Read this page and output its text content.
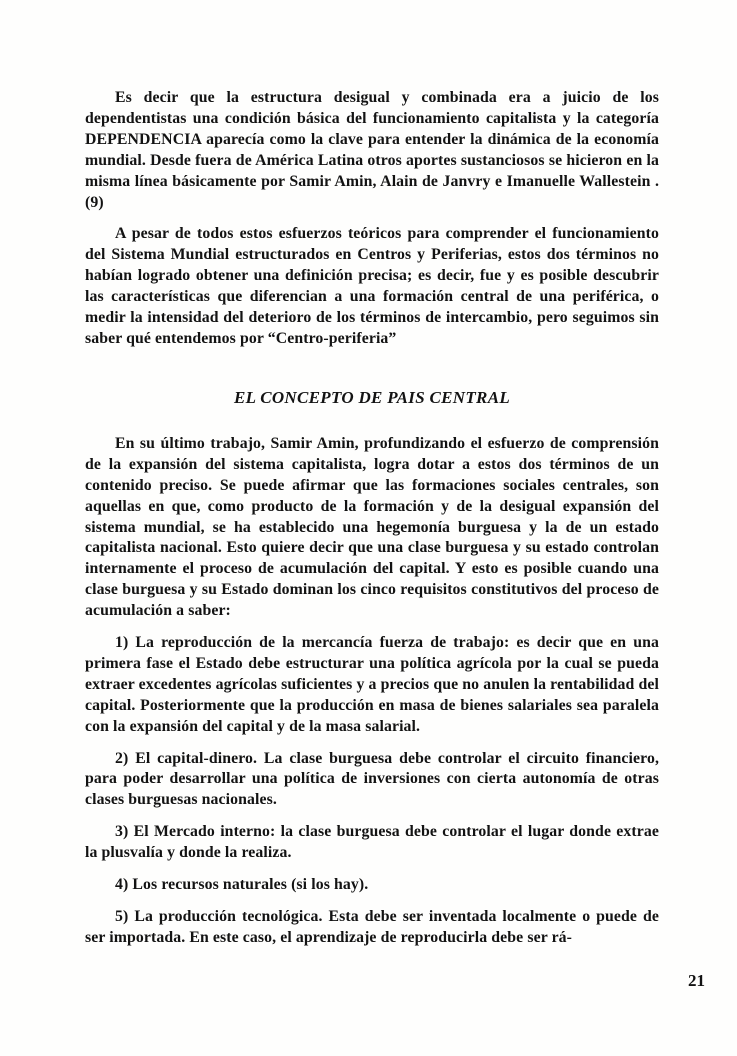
Es decir que la estructura desigual y combinada era a juicio de los dependentistas una condición básica del funcionamiento capitalista y la categoría DEPENDENCIA aparecía como la clave para entender la dinámica de la economía mundial. Desde fuera de América Latina otros aportes sustanciosos se hicieron en la misma línea básicamente por Samir Amin, Alain de Janvry e Imanuelle Wallestein .(9)

A pesar de todos estos esfuerzos teóricos para comprender el funcionamiento del Sistema Mundial estructurados en Centros y Periferias, estos dos términos no habían logrado obtener una definición precisa; es decir, fue y es posible descubrir las características que diferencian a una formación central de una periférica, o medir la intensidad del deterioro de los términos de intercambio, pero seguimos sin saber qué entendemos por “Centro-periferia”

EL CONCEPTO DE PAIS CENTRAL

En su último trabajo, Samir Amin, profundizando el esfuerzo de comprensión de la expansión del sistema capitalista, logra dotar a estos dos términos de un contenido preciso. Se puede afirmar que las formaciones sociales centrales, son aquellas en que, como producto de la formación y de la desigual expansión del sistema mundial, se ha establecido una hegemonía burguesa y la de un estado capitalista nacional. Esto quiere decir que una clase burguesa y su estado controlan internamente el proceso de acumulación del capital. Y esto es posible cuando una clase burguesa y su Estado dominan los cinco requisitos constitutivos del proceso de acumulación a saber:

1) La reproducción de la mercancía fuerza de trabajo: es decir que en una primera fase el Estado debe estructurar una política agrícola por la cual se pueda extraer excedentes agrícolas suficientes y a precios que no anulen la rentabilidad del capital. Posteriormente que la producción en masa de bienes salariales sea paralela con la expansión del capital y de la masa salarial.

2) El capital-dinero. La clase burguesa debe controlar el circuito financiero, para poder desarrollar una política de inversiones con cierta autonomía de otras clases burguesas nacionales.

3) El Mercado interno: la clase burguesa debe controlar el lugar donde extrae la plusvalía y donde la realiza.

4) Los recursos naturales (si los hay).

5) La producción tecnológica. Esta debe ser inventada localmente o puede de ser importada. En este caso, el aprendizaje de reproducirla debe ser rá-

21
